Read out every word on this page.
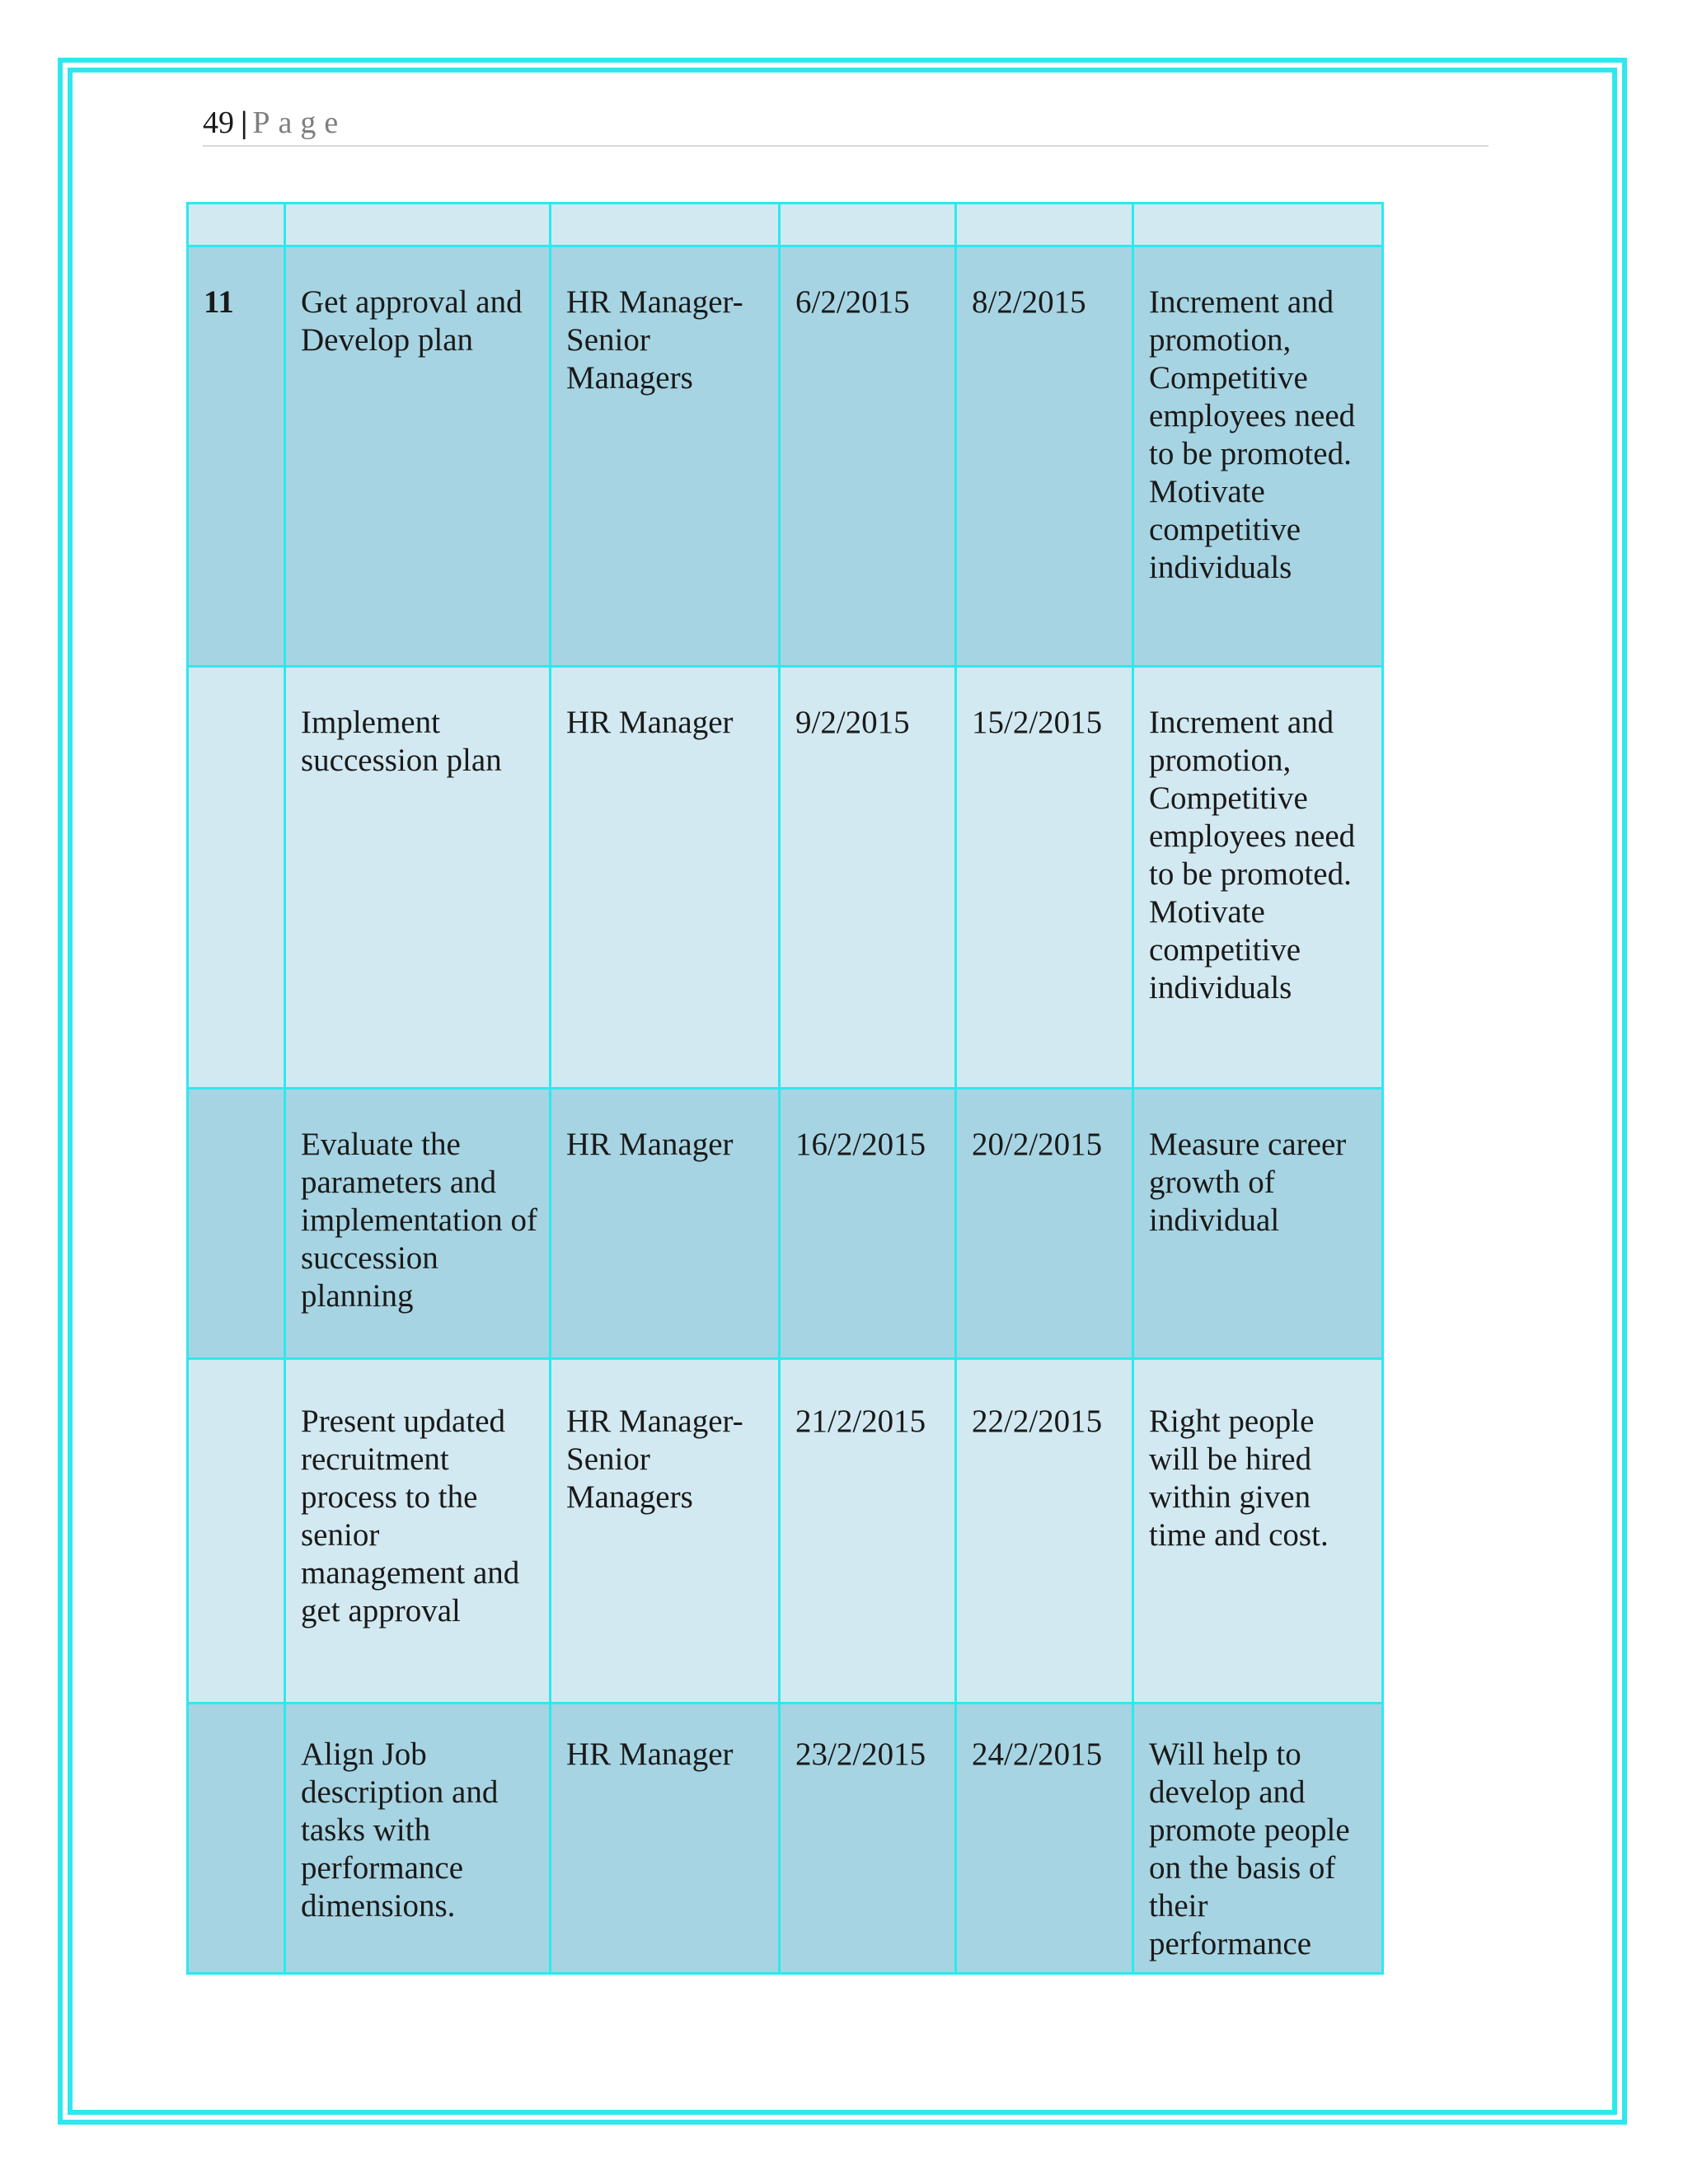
49 | Page

11	Get approval and Develop plan	HR Manager- Senior Managers	6/2/2015	8/2/2015	Increment and promotion, Competitive employees need to be promoted. Motivate competitive individuals
	Implement succession plan	HR Manager	9/2/2015	15/2/2015	Increment and promotion, Competitive employees need to be promoted. Motivate competitive individuals
	Evaluate the parameters and implementation of succession planning	HR Manager	16/2/2015	20/2/2015	Measure career growth of individual
	Present updated recruitment process to the senior management and get approval	HR Manager- Senior Managers	21/2/2015	22/2/2015	Right people will be hired within given time and cost.
	Align Job description and tasks with performance dimensions.	HR Manager	23/2/2015	24/2/2015	Will help to develop and promote people on the basis of their performance
